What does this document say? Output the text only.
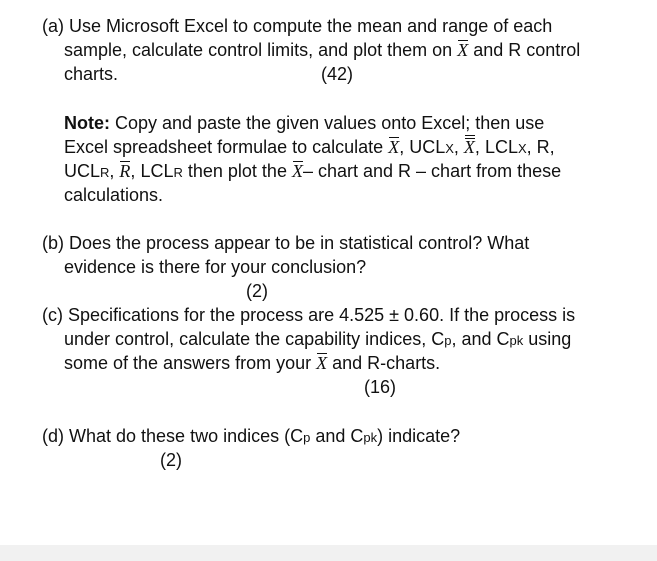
(a) Use Microsoft Excel to compute the mean and range of each
sample, calculate control limits, and plot them on X and R control
charts.	(42)
Note: Copy and paste the given values onto Excel; then use
Excel spreadsheet formulae to calculate X, UCLX, X, LCLX, R,
UCLR, R, LCLR then plot the X– chart and R – chart from these
calculations.
(b) Does the process appear to be in statistical control? What
evidence is there for your conclusion?
(2)
(c) Specifications for the process are 4.525 ± 0.60. If the process is
under control, calculate the capability indices, Cp, and Cpk using
some of the answers from your X and R-charts.
(16)
(d) What do these two indices (Cp and Cpk) indicate?
(2)
